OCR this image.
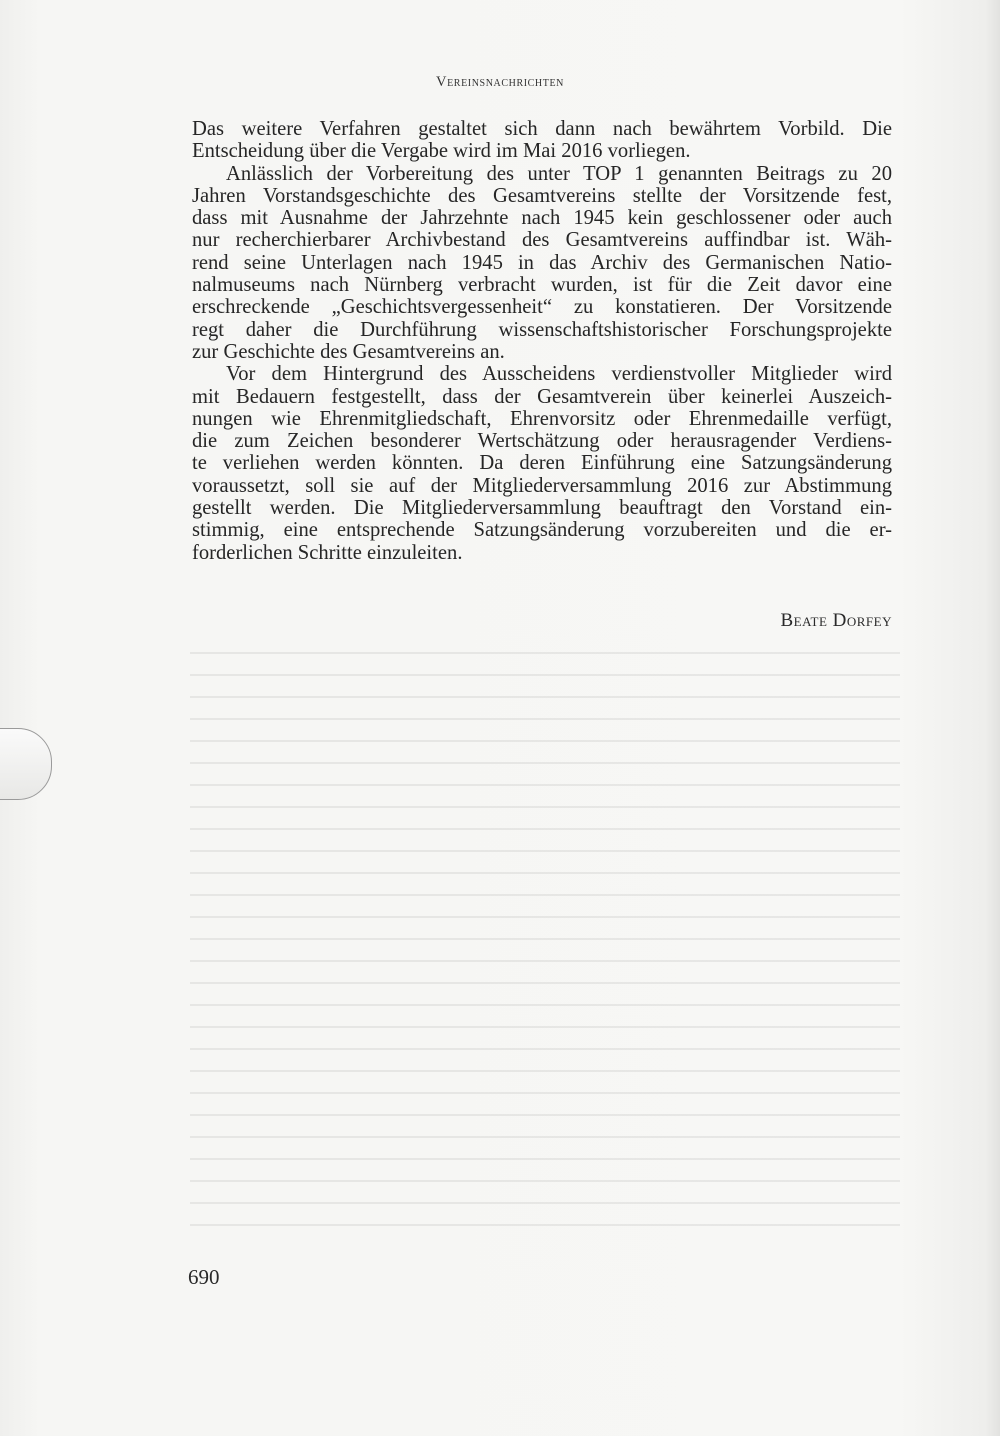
Vereinsnachrichten
Das weitere Verfahren gestaltet sich dann nach bewährtem Vorbild. Die
Entscheidung über die Vergabe wird im Mai 2016 vorliegen.
Anlässlich der Vorbereitung des unter TOP 1 genannten Beitrags zu 20
Jahren Vorstandsgeschichte des Gesamtvereins stellte der Vorsitzende fest,
dass mit Ausnahme der Jahrzehnte nach 1945 kein geschlossener oder auch
nur recherchierbarer Archivbestand des Gesamtvereins auffindbar ist. Wäh-
rend seine Unterlagen nach 1945 in das Archiv des Germanischen Natio-
nalmuseums nach Nürnberg verbracht wurden, ist für die Zeit davor eine
erschreckende „Geschichtsvergessenheit“ zu konstatieren. Der Vorsitzende
regt daher die Durchführung wissenschaftshistorischer Forschungsprojekte
zur Geschichte des Gesamtvereins an.
Vor dem Hintergrund des Ausscheidens verdienstvoller Mitglieder wird
mit Bedauern festgestellt, dass der Gesamtverein über keinerlei Auszeich-
nungen wie Ehrenmitgliedschaft, Ehrenvorsitz oder Ehrenmedaille verfügt,
die zum Zeichen besonderer Wertschätzung oder herausragender Verdiens-
te verliehen werden könnten. Da deren Einführung eine Satzungsänderung
voraussetzt, soll sie auf der Mitgliederversammlung 2016 zur Abstimmung
gestellt werden. Die Mitgliederversammlung beauftragt den Vorstand ein-
stimmig, eine entsprechende Satzungsänderung vorzubereiten und die er-
forderlichen Schritte einzuleiten.
Beate Dorfey
690
